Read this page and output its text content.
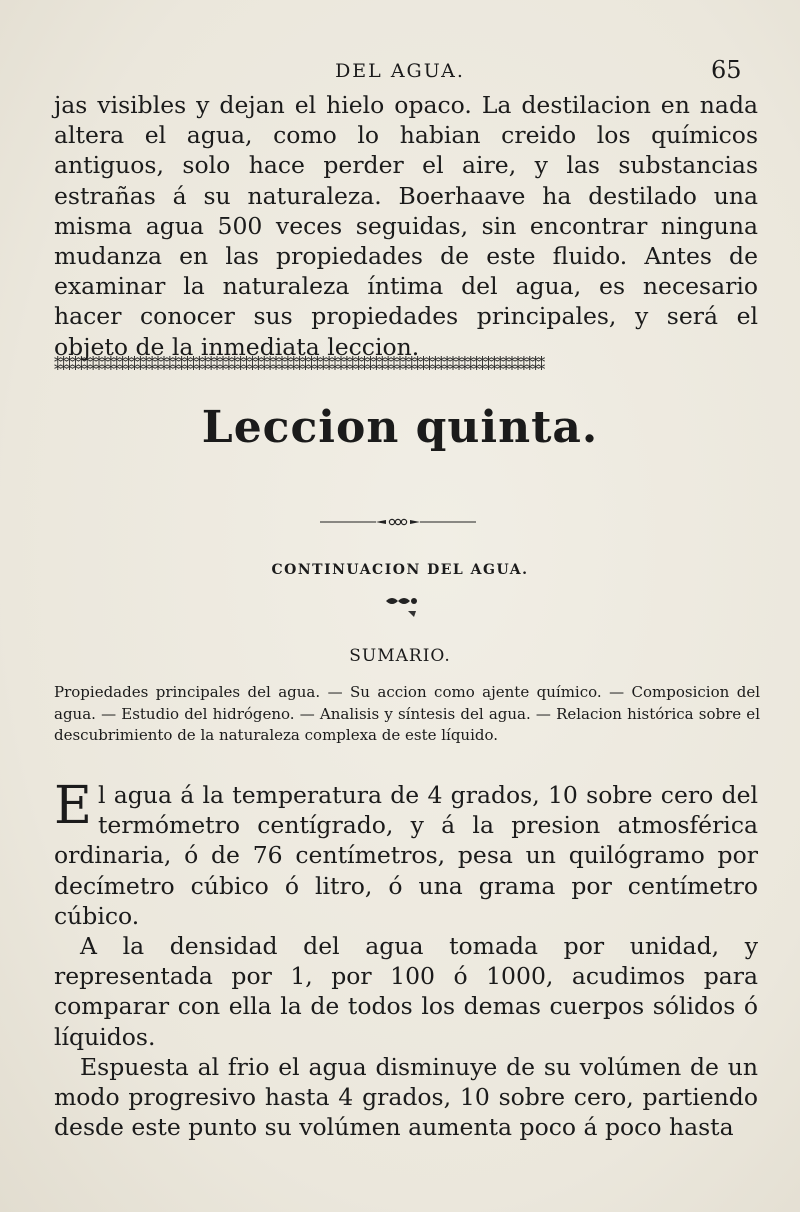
DEL AGUA.	65

jas visibles y dejan el hielo opaco. La destilacion en nada altera el agua, como lo habian creido los químicos antiguos, solo hace perder el aire, y las substancias estrañas á su naturaleza. Boerhaave ha destilado una misma agua 500 veces seguidas, sin encontrar ninguna mudanza en las propiedades de este fluido. Antes de examinar la naturaleza íntima del agua, es necesario hacer conocer sus propiedades principales, y será el objeto de la inmediata leccion.

⁑⁑⁑⁑⁑⁑⁑⁑⁑⁑⁑⁑⁑⁑⁑⁑⁑⁑⁑⁑⁑⁑⁑⁑⁑⁑⁑⁑⁑⁑⁑⁑⁑⁑⁑⁑⁑⁑⁑⁑⁑⁑⁑⁑⁑⁑⁑⁑⁑⁑⁑⁑⁑⁑⁑⁑⁑⁑⁑⁑⁑⁑⁑⁑⁑⁑⁑⁑⁑⁑⁑⁑⁑⁑⁑⁑⁑⁑⁑⁑⁑⁑⁑
Leccion quinta.
CONTINUACION DEL AGUA.
SUMARIO.
Propiedades principales del agua. — Su accion como ajente químico. — Composicion del agua. — Estudio del hidrógeno. — Analisis y síntesis del agua. — Relacion histórica sobre el descubrimiento de la naturaleza complexa de este líquido.

El agua á la temperatura de 4 grados, 10 sobre cero del termómetro centígrado, y á la presion atmosférica ordinaria, ó de 76 centímetros, pesa un quilógramo por decímetro cúbico ó litro, ó una grama por centímetro cúbico.

A la densidad del agua tomada por unidad, y representada por 1, por 100 ó 1000, acudimos para comparar con ella la de todos los demas cuerpos sólidos ó líquidos.

Espuesta al frio el agua disminuye de su volúmen de un modo progresivo hasta 4 grados, 10 sobre cero, partiendo desde este punto su volúmen aumenta poco á poco hasta
